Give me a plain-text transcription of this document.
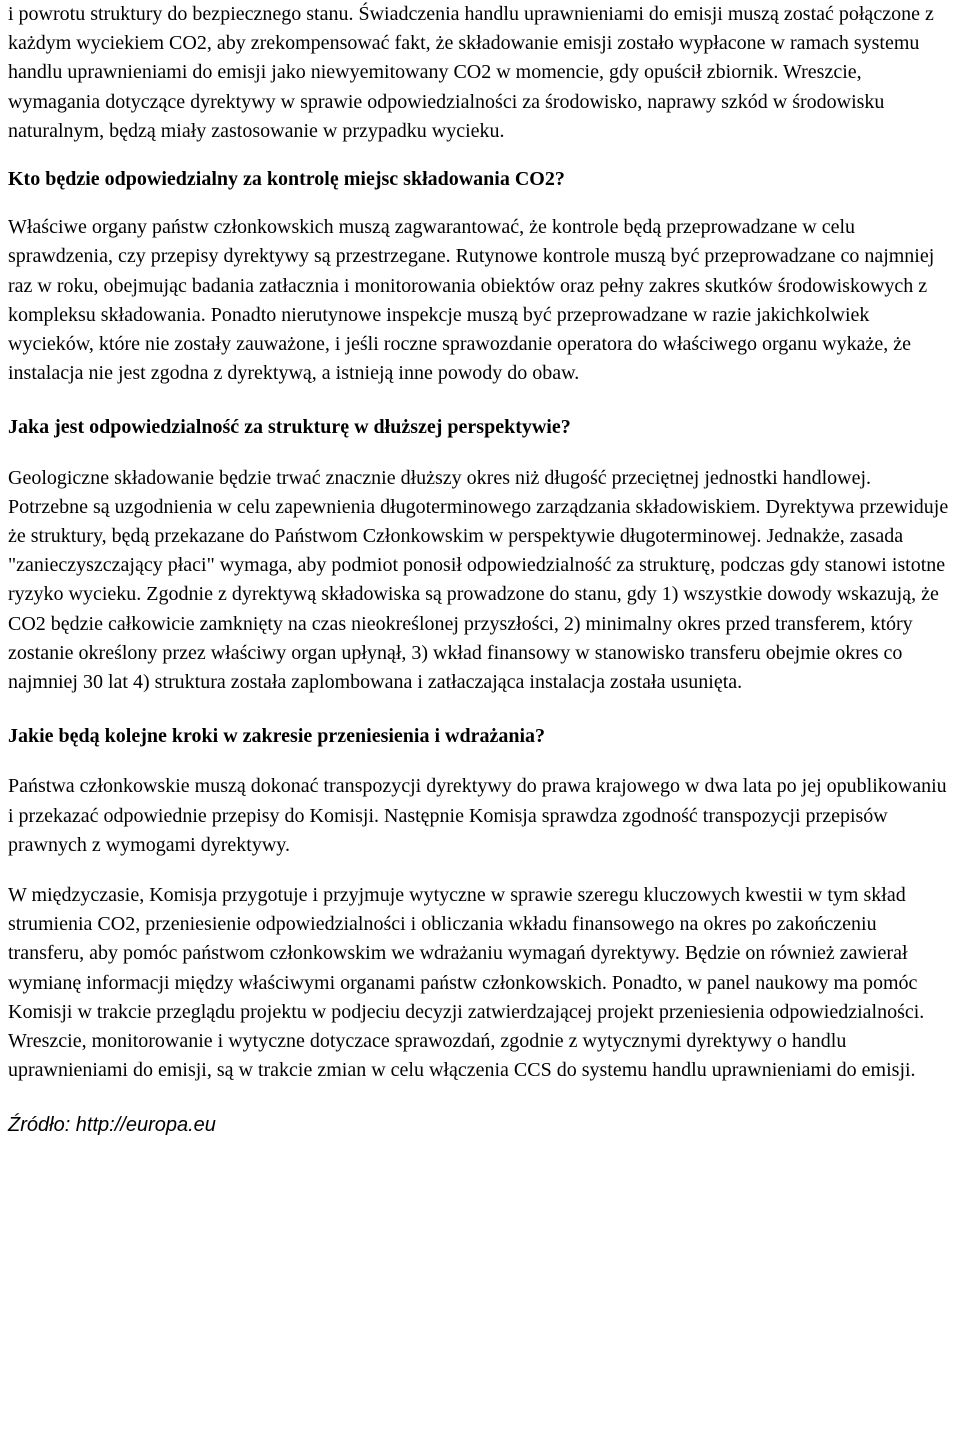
i powrotu struktury do bezpiecznego stanu. Świadczenia handlu uprawnieniami do emisji muszą zostać połączone z każdym wyciekiem CO2, aby zrekompensować fakt, że składowanie emisji zostało wypłacone w ramach systemu handlu uprawnieniami do emisji jako niewyemitowany CO2 w momencie, gdy opuścił zbiornik. Wreszcie, wymagania dotyczące dyrektywy w sprawie odpowiedzialności za środowisko, naprawy szkód w środowisku naturalnym, będzą miały zastosowanie w przypadku wycieku.

Kto będzie odpowiedzialny za kontrolę miejsc składowania CO2?

Właściwe organy państw członkowskich muszą zagwarantować, że kontrole będą przeprowadzane w celu sprawdzenia, czy przepisy dyrektywy są przestrzegane. Rutynowe kontrole muszą być przeprowadzane co najmniej raz w roku, obejmując badania zatłacznia i monitorowania obiektów oraz pełny zakres skutków środowiskowych z kompleksu składowania. Ponadto nierutynowe inspekcje muszą być przeprowadzane w razie jakichkolwiek wycieków, które nie zostały zauważone, i jeśli roczne sprawozdanie operatora do właściwego organu wykaże, że instalacja nie jest zgodna z dyrektywą, a istnieją inne powody do obaw.

Jaka jest odpowiedzialność za strukturę w dłuższej perspektywie?

Geologiczne składowanie będzie trwać znacznie dłuższy okres niż długość przeciętnej jednostki handlowej. Potrzebne są uzgodnienia w celu zapewnienia długoterminowego zarządzania składowiskiem. Dyrektywa przewiduje że struktury, będą przekazane do Państwom Członkowskim w perspektywie długoterminowej. Jednakże, zasada "zanieczyszczający płaci" wymaga, aby podmiot ponosił odpowiedzialność za strukturę, podczas gdy stanowi istotne ryzyko wycieku. Zgodnie z dyrektywą składowiska są prowadzone do stanu, gdy 1) wszystkie dowody wskazują, że CO2 będzie całkowicie zamknięty na czas nieokreślonej przyszłości, 2) minimalny okres przed transferem, który zostanie określony przez właściwy organ upłynął, 3) wkład finansowy w stanowisko transferu obejmie okres co najmniej 30 lat 4) struktura została zaplombowana i zatłaczająca instalacja została usunięta.

Jakie będą kolejne kroki w zakresie przeniesienia i wdrażania?

Państwa członkowskie muszą dokonać transpozycji dyrektywy do prawa krajowego w dwa lata po jej opublikowaniu i przekazać odpowiednie przepisy do Komisji. Następnie Komisja sprawdza zgodność transpozycji przepisów prawnych z wymogami dyrektywy.

W międzyczasie, Komisja przygotuje i przyjmuje wytyczne w sprawie szeregu kluczowych kwestii w tym skład strumienia CO2, przeniesienie odpowiedzialności i obliczania wkładu finansowego na okres po zakończeniu transferu, aby pomóc państwom członkowskim we wdrażaniu wymagań dyrektywy. Będzie on również zawierał wymianę informacji między właściwymi organami państw członkowskich. Ponadto, w panel naukowy ma pomóc Komisji w trakcie przeglądu projektu w podjeciu decyzji zatwierdzającej projekt przeniesienia odpowiedzialności. Wreszcie, monitorowanie i wytyczne dotyczace sprawozdań, zgodnie z wytycznymi dyrektywy o handlu uprawnieniami do emisji, są w trakcie zmian w celu włączenia CCS do systemu handlu uprawnieniami do emisji.

Źródło: http://europa.eu
